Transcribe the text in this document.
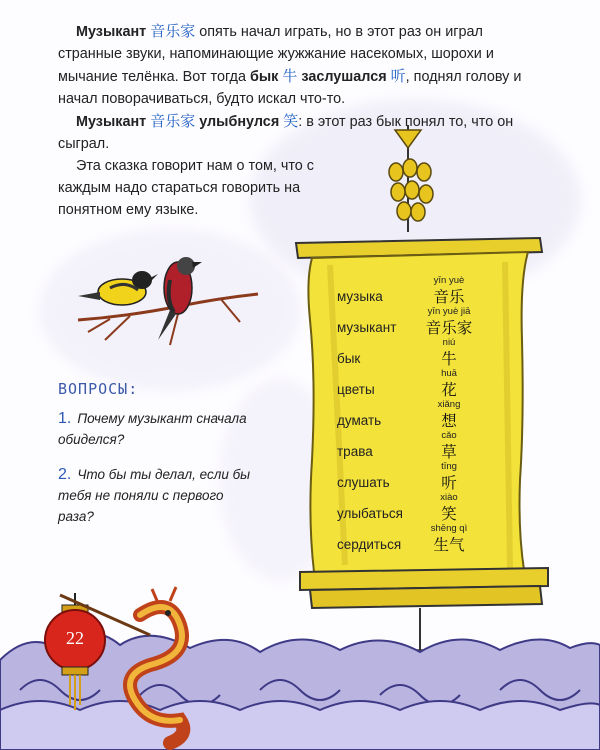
Музыкант 音乐家 опять начал играть, но в этот раз он играл странные звуки, напоминающие жужжание насекомых, шорохи и мычание телёнка. Вот тогда бык 牛 заслушался 听, поднял голову и начал поворачиваться, будто искал что-то.

Музыкант 音乐家 улыбнулся 笑: в этот раз бык понял то, что он сыграл.

Эта сказка говорит нам о том, что с каждым надо стараться говорить на понятном ему языке.

ВОПРОСЫ:
1. Почему музыкант сначала обиделся?
2. Что бы ты делал, если бы тебя не поняли с первого раза?
музыка
yīn yuè
音乐
музыкант
yīn yuè jiā
音乐家
бык
niú
牛
цветы
huā
花
думать
xiǎng
想
трава
cǎo
草
слушать
tīng
听
улыбаться
xiào
笑
сердиться
shēng qì
生气
22
